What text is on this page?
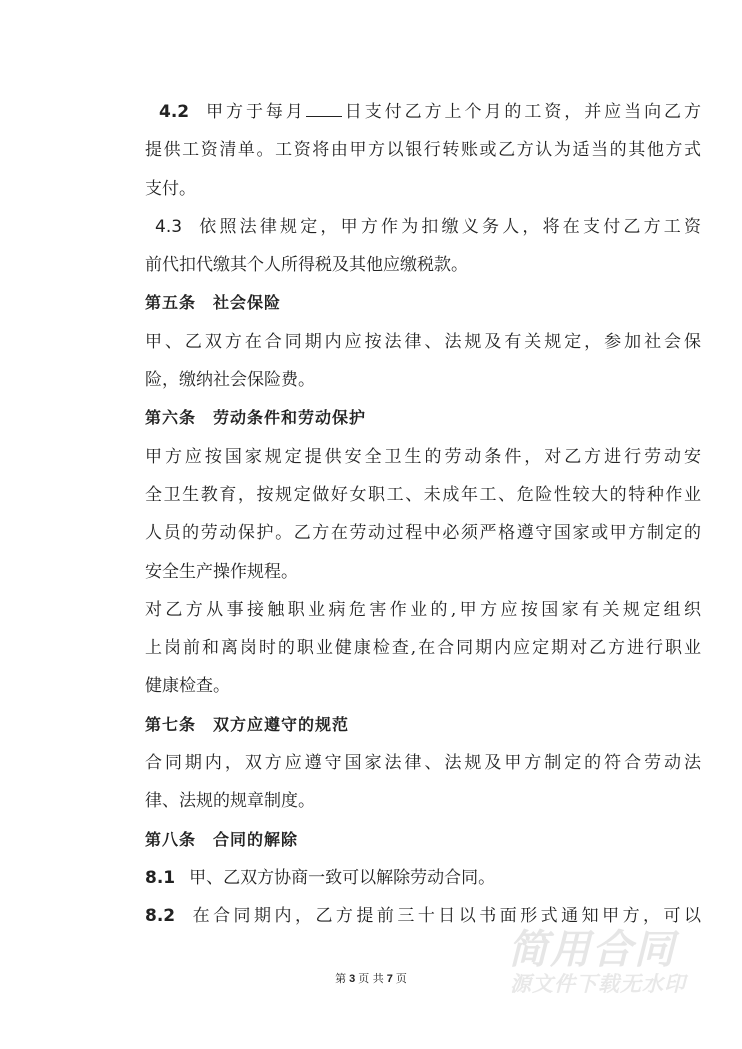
4.2 甲方于每月 日支付乙方上个月的工资，并应当向乙方
提供工资清单。工资将由甲方以银行转账或乙方认为适当的其他方式
支付。
4.3 依照法律规定，甲方作为扣缴义务人，将在支付乙方工资
前代扣代缴其个人所得税及其他应缴税款。
第五条　社会保险
甲、乙双方在合同期内应按法律、法规及有关规定，参加社会保
险，缴纳社会保险费。
第六条　劳动条件和劳动保护
甲方应按国家规定提供安全卫生的劳动条件，对乙方进行劳动安
全卫生教育，按规定做好女职工、未成年工、危险性较大的特种作业
人员的劳动保护。乙方在劳动过程中必须严格遵守国家或甲方制定的
安全生产操作规程。
对乙方从事接触职业病危害作业的,甲方应按国家有关规定组织
上岗前和离岗时的职业健康检查,在合同期内应定期对乙方进行职业
健康检查。
第七条　双方应遵守的规范
合同期内，双方应遵守国家法律、法规及甲方制定的符合劳动法
律、法规的规章制度。
第八条　合同的解除
8.1 甲、乙双方协商一致可以解除劳动合同。
8.2 在合同期内，乙方提前三十日以书面形式通知甲方，可以
简用合同
源文件下载无水印
第 3 页 共 7 页
